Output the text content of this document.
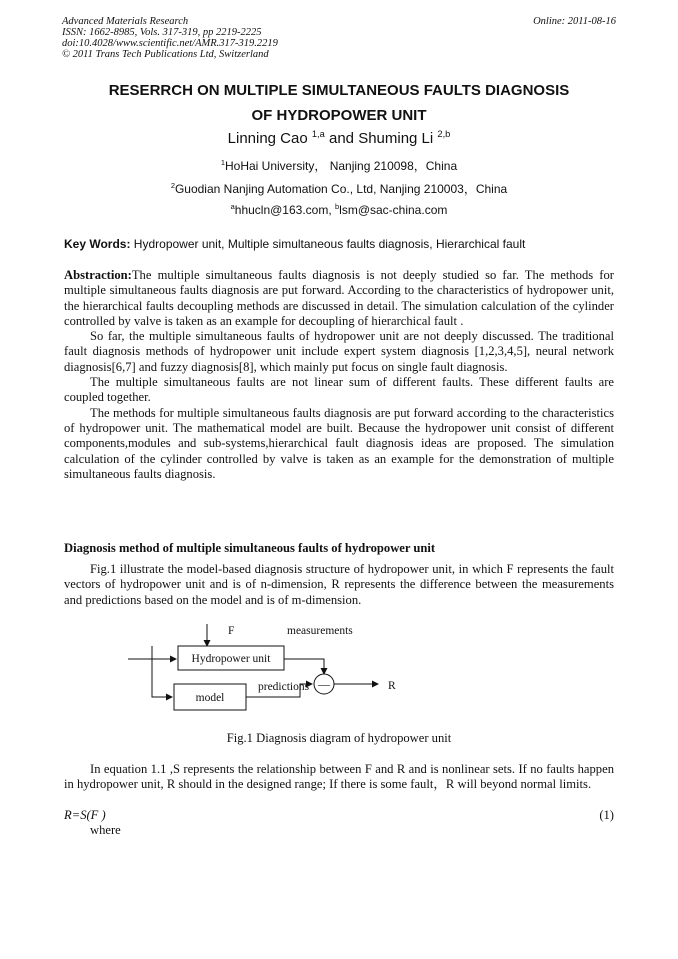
Advanced Materials Research
ISSN: 1662-8985, Vols. 317-319, pp 2219-2225
doi:10.4028/www.scientific.net/AMR.317-319.2219
© 2011 Trans Tech Publications Ltd, Switzerland
Online: 2011-08-16
RESERRCH ON MULTIPLE SIMULTANEOUS FAULTS DIAGNOSIS
OF HYDROPOWER UNIT
Linning Cao $^{1,a}$ and Shuming Li $^{2,b}$
$^1$HoHai University， Nanjing 210098，China
$^2$Guodian Nanjing Automation Co., Ltd, Nanjing 210003，China
$^a$hhucln@163.com, $^b$lsm@sac-china.com
Key Words: Hydropower unit, Multiple simultaneous faults diagnosis, Hierarchical fault
Abstraction:The multiple simultaneous faults diagnosis is not deeply studied so far. The methods for multiple simultaneous faults diagnosis are put forward. According to the characteristics of hydropower unit, the hierarchical faults decoupling methods are discussed in detail. The simulation calculation of the cylinder controlled by valve is taken as an example for decoupling of hierarchical fault .
So far, the multiple simultaneous faults of hydropower unit are not deeply discussed. The traditional fault diagnosis methods of hydropower unit include expert system diagnosis [1,2,3,4,5], neural network diagnosis[6,7] and fuzzy diagnosis[8], which mainly put focus on single fault diagnosis.
The multiple simultaneous faults are not linear sum of different faults. These different faults are coupled together.
The methods for multiple simultaneous faults diagnosis are put forward according to the characteristics of hydropower unit. The mathematical model are built. Because the hydropower unit consist of different components,modules and sub-systems,hierarchical fault diagnosis ideas are proposed. The simulation calculation of the cylinder controlled by valve is taken as an example for the demonstration of multiple simultaneous faults diagnosis.
Diagnosis method of multiple simultaneous faults of hydropower unit
Fig.1 illustrate the model-based diagnosis structure of hydropower unit, in which F represents the fault vectors of hydropower unit and is of n-dimension, R represents the difference between the measurements and predictions based on the model and is of m-dimension.
F	measurements
Hydropower unit
model
—
predictions	R
Fig.1 Diagnosis diagram of hydropower unit
In equation 1.1 ,S represents the relationship between F and R and is nonlinear sets. If no faults happen in hydropower unit, R should in the designed range; If there is some fault，R will beyond normal limits.
R=S(F )	(1)
where
